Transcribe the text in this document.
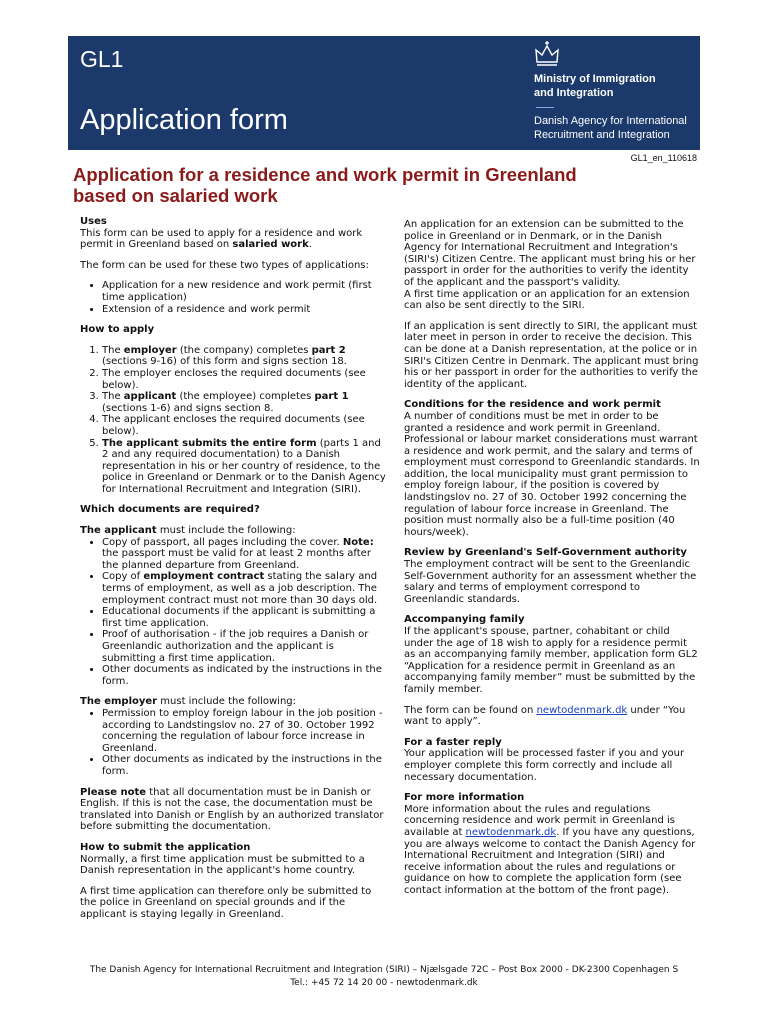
GL1
Application form
Ministry of Immigration
and Integration
Danish Agency for International
Recruitment and Integration
GL1_en_110618
Application for a residence and work permit in Greenland
based on salaried work
Uses

This form can be used to apply for a residence and work permit in Greenland based on salaried work.

The form can be used for these two types of applications:

• Application for a new residence and work permit (first time application)
• Extension of a residence and work permit
How to apply
1. The employer (the company) completes part 2 (sections 9-16) of this form and signs section 18.
2. The employer encloses the required documents (see below).
3. The applicant (the employee) completes part 1 (sections 1-6) and signs section 8.
4. The applicant encloses the required documents (see below).
5. The applicant submits the entire form (parts 1 and 2 and any required documentation) to a Danish representation in his or her country of residence, to the police in Greenland or Denmark or to the Danish Agency for International Recruitment and Integration (SIRI).
Which documents are required?
The applicant must include the following:
• Copy of passport, all pages including the cover. Note: the passport must be valid for at least 2 months after the planned departure from Greenland.
• Copy of employment contract stating the salary and terms of employment, as well as a job description. The employment contract must not more than 30 days old.
• Educational documents if the applicant is submitting a first time application.
• Proof of authorisation - if the job requires a Danish or Greenlandic authorization and the applicant is submitting a first time application.
• Other documents as indicated by the instructions in the form.
The employer must include the following:
• Permission to employ foreign labour in the job position - according to Landstingslov no. 27 of 30. October 1992 concerning the regulation of labour force increase in Greenland.
• Other documents as indicated by the instructions in the form.

Please note that all documentation must be in Danish or English. If this is not the case, the documentation must be translated into Danish or English by an authorized translator before submitting the documentation.

How to submit the application

Normally, a first time application must be submitted to a Danish representation in the applicant's home country.

A first time application can therefore only be submitted to the police in Greenland on special grounds and if the applicant is staying legally in Greenland.

An application for an extension can be submitted to the police in Greenland or in Denmark, or in the Danish Agency for International Recruitment and Integration's (SIRI's) Citizen Centre. The applicant must bring his or her passport in order for the authorities to verify the identity of the applicant and the passport's validity.

A first time application or an application for an extension can also be sent directly to the SIRI.

If an application is sent directly to SIRI, the applicant must later meet in person in order to receive the decision. This can be done at a Danish representation, at the police or in SIRI's Citizen Centre in Denmark. The applicant must bring his or her passport in order for the authorities to verify the identity of the applicant.

Conditions for the residence and work permit

A number of conditions must be met in order to be granted a residence and work permit in Greenland. Professional or labour market considerations must warrant a residence and work permit, and the salary and terms of employment must correspond to Greenlandic standards. In addition, the local municipality must grant permission to employ foreign labour, if the position is covered by landstingslov no. 27 of 30. October 1992 concerning the regulation of labour force increase in Greenland. The position must normally also be a full-time position (40 hours/week).

Review by Greenland's Self-Government authority

The employment contract will be sent to the Greenlandic Self-Government authority for an assessment whether the salary and terms of employment correspond to Greenlandic standards.

Accompanying family

If the applicant's spouse, partner, cohabitant or child under the age of 18 wish to apply for a residence permit as an accompanying family member, application form GL2 “Application for a residence permit in Greenland as an accompanying family member” must be submitted by the family member.

The form can be found on newtodenmark.dk under “You want to apply”.

For a faster reply

Your application will be processed faster if you and your employer complete this form correctly and include all necessary documentation.

For more information

More information about the rules and regulations concerning residence and work permit in Greenland is available at newtodenmark.dk. If you have any questions, you are always welcome to contact the Danish Agency for International Recruitment and Integration (SIRI) and receive information about the rules and regulations or guidance on how to complete the application form (see contact information at the bottom of the front page).

The Danish Agency for International Recruitment and Integration (SIRI) – Njælsgade 72C – Post Box 2000 - DK-2300 Copenhagen S
Tel.: +45 72 14 20 00 - newtodenmark.dk
